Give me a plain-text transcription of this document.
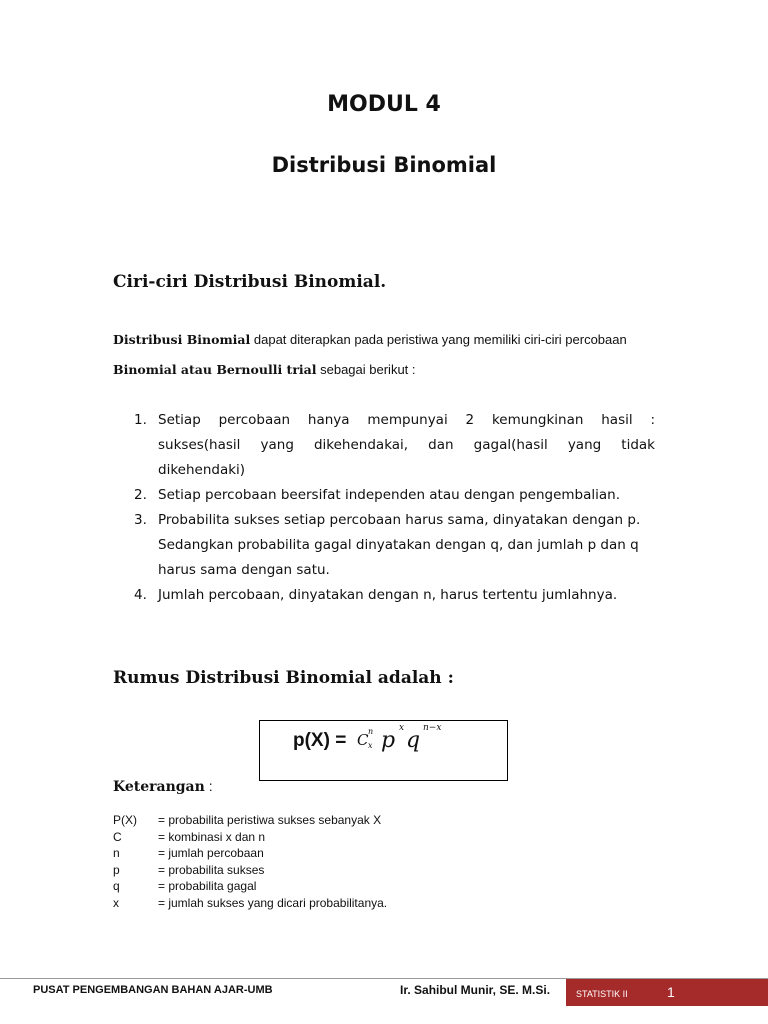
MODUL 4
Distribusi Binomial
Ciri-ciri Distribusi Binomial.
Distribusi Binomial dapat diterapkan pada peristiwa yang memiliki ciri-ciri percobaan
Binomial atau Bernoulli trial sebagai berikut :
1. Setiap percobaan hanya mempunyai 2 kemungkinan hasil :
sukses(hasil yang dikehendakai, dan gagal(hasil yang tidak
dikehendaki)
2. Setiap percobaan beersifat independen atau dengan pengembalian.
3. Probabilita sukses setiap percobaan harus sama, dinyatakan dengan p.
Sedangkan probabilita gagal dinyatakan dengan q, dan jumlah p dan q
harus sama dengan satu.
4. Jumlah percobaan, dinyatakan dengan n, harus tertentu jumlahnya.
Rumus Distribusi Binomial adalah :
p(X) = C n
x p x q n−x
Keterangan :
P(X)	= probabilita peristiwa sukses sebanyak X
C	= kombinasi x dan n
n	= jumlah percobaan
p	= probabilita sukses
q	= probabilita gagal
x	= jumlah sukses yang dicari probabilitanya.
PUSAT PENGEMBANGAN BAHAN AJAR-UMB	Ir. Sahibul Munir, SE. M.Si.	STATISTIK II	1
